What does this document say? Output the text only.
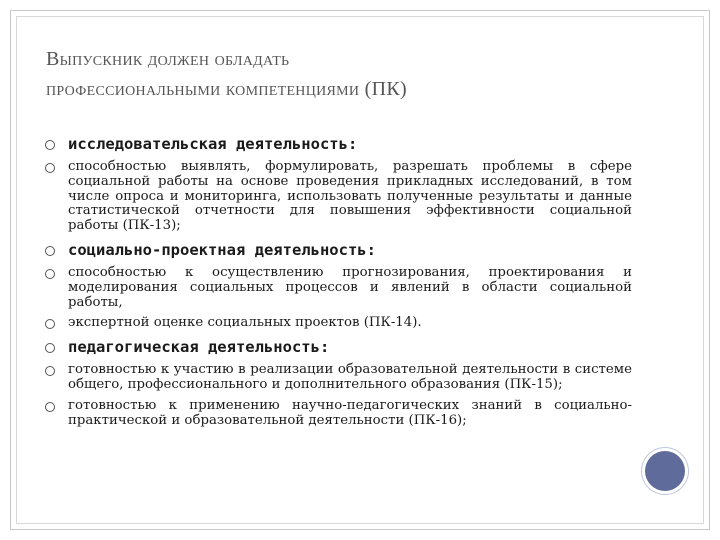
Выпускник должен обладать
профессиональными компетенциями (ПК)
исследовательская деятельность:
способностью выявлять, формулировать, разрешать проблемы в сфере социальной работы на основе проведения прикладных исследований, в том числе опроса и мониторинга, использовать полученные результаты и данные статистической отчетности для повышения эффективности социальной работы (ПК-13);
социально-проектная деятельность:
способностью к осуществлению прогнозирования, проектирования и моделирования социальных процессов и явлений в области социальной работы,
экспертной оценке социальных проектов (ПК-14).
педагогическая деятельность:
готовностью к участию в реализации образовательной деятельности в системе общего, профессионального и дополнительного образования (ПК-15);
готовностью к применению научно-педагогических знаний в социально- практической и образовательной деятельности (ПК-16);
